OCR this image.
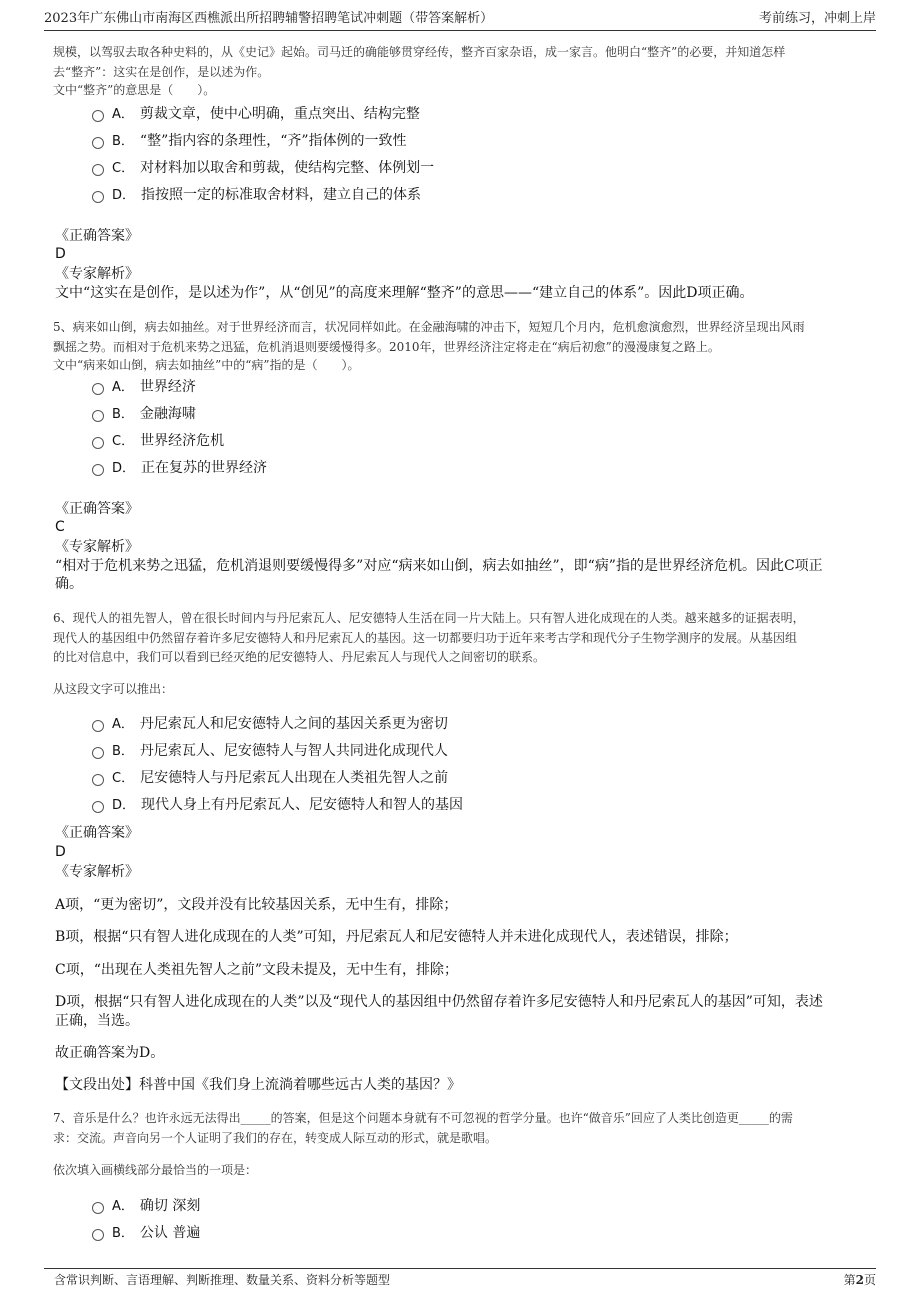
2023年广东佛山市南海区西樵派出所招聘辅警招聘笔试冲刺题（带答案解析）	考前练习，冲刺上岸
规模，以驾驭去取各种史料的，从《史记》起始。司马迁的确能够贯穿经传，整齐百家杂语，成一家言。他明白“整齐”的必要，并知道怎样
去“整齐”：这实在是创作，是以述为作。
文中“整齐”的意思是（　　）。
A． 剪裁文章，使中心明确，重点突出、结构完整
B． “整”指内容的条理性，“齐”指体例的一致性
C． 对材料加以取舍和剪裁，使结构完整、体例划一
D． 指按照一定的标准取舍材料，建立自己的体系
《正确答案》
D
《专家解析》
文中“这实在是创作，是以述为作”，从“创见”的高度来理解“整齐”的意思——“建立自己的体系”。因此D项正确。
5、病来如山倒，病去如抽丝。对于世界经济而言，状况同样如此。在金融海啸的冲击下，短短几个月内，危机愈演愈烈，世界经济呈现出风雨
飘摇之势。而相对于危机来势之迅猛，危机消退则要缓慢得多。2010年，世界经济注定将走在“病后初愈”的漫漫康复之路上。
文中“病来如山倒，病去如抽丝”中的“病”指的是（　　）。
A． 世界经济
B． 金融海啸
C． 世界经济危机
D． 正在复苏的世界经济
《正确答案》
C
《专家解析》
“相对于危机来势之迅猛，危机消退则要缓慢得多”对应“病来如山倒，病去如抽丝”，即“病”指的是世界经济危机。因此C项正
确。
6、现代人的祖先智人，曾在很长时间内与丹尼索瓦人、尼安德特人生活在同一片大陆上。只有智人进化成现在的人类。越来越多的证据表明，
现代人的基因组中仍然留存着许多尼安德特人和丹尼索瓦人的基因。这一切都要归功于近年来考古学和现代分子生物学测序的发展。从基因组
的比对信息中，我们可以看到已经灭绝的尼安德特人、丹尼索瓦人与现代人之间密切的联系。
从这段文字可以推出：
A． 丹尼索瓦人和尼安德特人之间的基因关系更为密切
B． 丹尼索瓦人、尼安德特人与智人共同进化成现代人
C． 尼安德特人与丹尼索瓦人出现在人类祖先智人之前
D． 现代人身上有丹尼索瓦人、尼安德特人和智人的基因
《正确答案》
D
《专家解析》
A项，“更为密切”，文段并没有比较基因关系，无中生有，排除；
B项，根据“只有智人进化成现在的人类”可知，丹尼索瓦人和尼安德特人并未进化成现代人，表述错误，排除；
C项，“出现在人类祖先智人之前”文段未提及，无中生有，排除；
D项，根据“只有智人进化成现在的人类”以及“现代人的基因组中仍然留存着许多尼安德特人和丹尼索瓦人的基因”可知，表述
正确，当选。
故正确答案为D。
【文段出处】科普中国《我们身上流淌着哪些远古人类的基因？》
7、音乐是什么？也许永远无法得出_____的答案，但是这个问题本身就有不可忽视的哲学分量。也许“做音乐”回应了人类比创造更_____的需
求：交流。声音向另一个人证明了我们的存在，转变成人际互动的形式，就是歌唱。
依次填入画横线部分最恰当的一项是：
A． 确切 深刻
B． 公认 普遍
含常识判断、言语理解、判断推理、数量关系、资料分析等题型	第2页
